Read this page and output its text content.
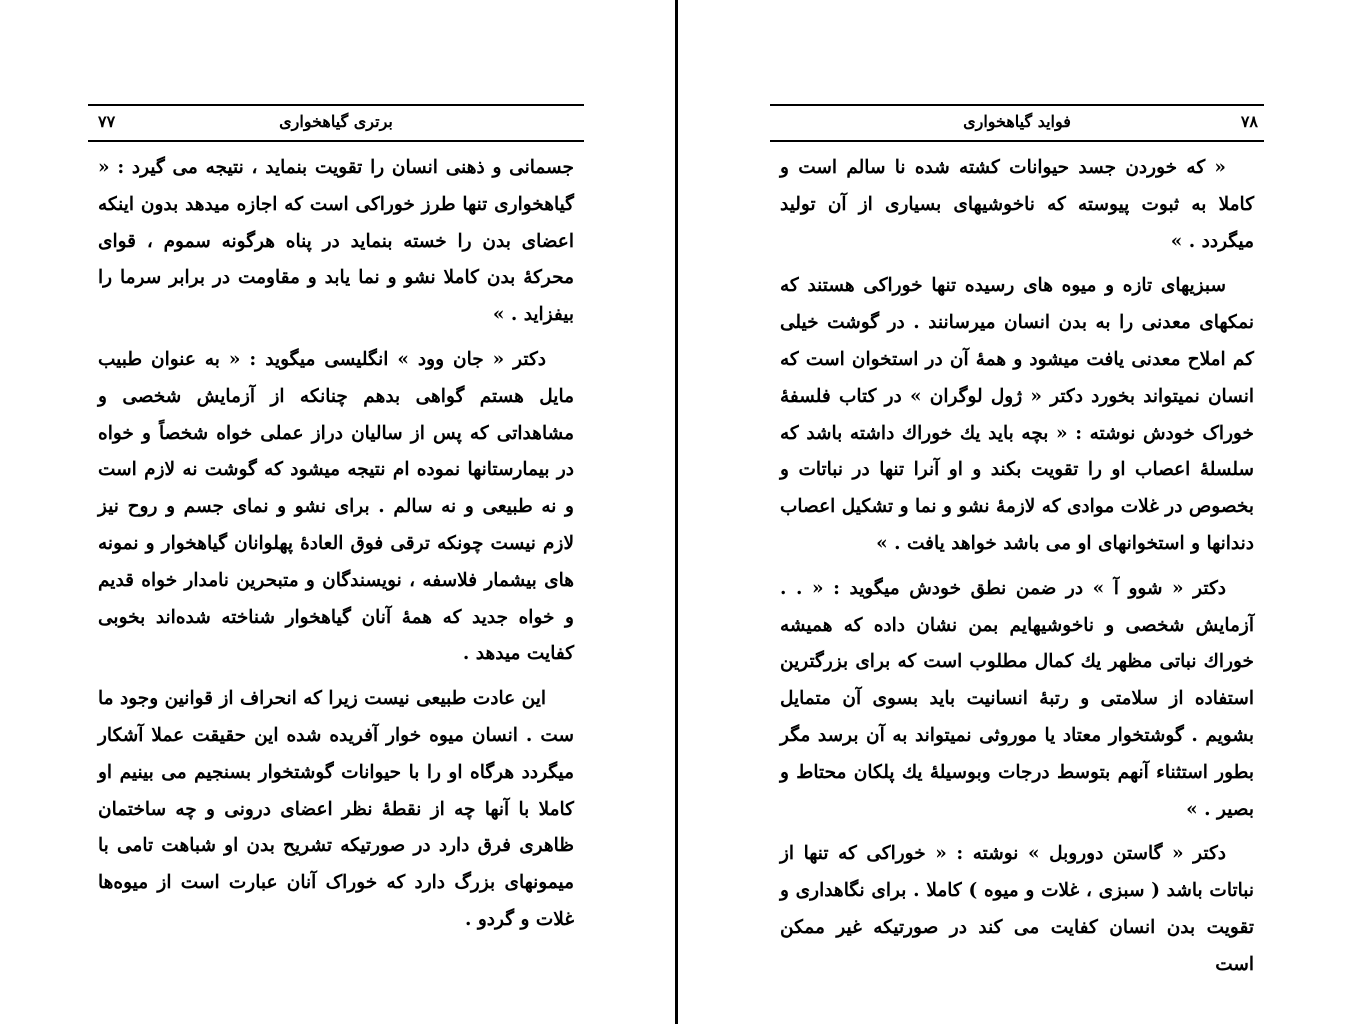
برتری گیاهخواری
۷۷

جسمانی و ذهنی انسان را تقویت بنماید ، نتیجه می گیرد : « گیاهخواری تنها طرز خوراکی است که اجازه میدهد بدون اینکه اعضای بدن را خسته بنماید در پناه هرگونه سموم ، قوای محرکهٔ بدن کاملا نشو و نما یابد و مقاومت در برابر سرما را بیفزاید . »

دکتر « جان وود » انگلیسی میگوید : « به عنوان طبیب مایل هستم گواهی بدهم چنانکه از آزمایش شخصی و مشاهداتی که پس از سالیان دراز عملی خواه شخصاً و خواه در بیمارستانها نموده ام نتیجه میشود که گوشت نه لازم است و نه طبیعی و نه سالم . برای نشو و نمای جسم و روح نیز لازم نیست چونکه ترقی فوق العادهٔ پهلوانان گیاهخوار و نمونه های بیشمار فلاسفه ، نویسندگان و متبحرین نامدار خواه قدیم و خواه جدید که همهٔ آنان گیاهخوار شناخته شده‌اند بخوبی کفایت میدهد .

این عادت طبیعی نیست زیرا که انحراف از قوانین وجود ما ست . انسان میوه خوار آفریده شده این حقیقت عملا آشکار میگردد هرگاه او را با حیوانات گوشتخوار بسنجیم می بینیم او کاملا با آنها چه از نقطهٔ نظر اعضای درونی و چه ساختمان ظاهری فرق دارد در صورتیکه تشریح بدن او شباهت تامی با میمونهای بزرگ دارد که خوراک آنان عبارت است از میوه‌ها غلات و گردو .

فواید گیاهخواری	۷۸

« که خوردن جسد حیوانات کشته شده نا سالم است و کاملا به ثبوت پیوسته که ناخوشیهای بسیاری از آن تولید میگردد . »

سبزیهای تازه و میوه های رسیده تنها خوراکی هستند که نمکهای معدنی را به بدن انسان میرسانند . در گوشت خیلی کم املاح معدنی یافت میشود و همهٔ آن در استخوان است که انسان نمیتواند بخورد دکتر « ژول لوگران » در کتاب فلسفهٔ خوراک خودش نوشته : « بچه باید یك خوراك داشته باشد که سلسلهٔ اعصاب او را تقویت بکند و او آنرا تنها در نباتات و بخصوص در غلات موادی که لازمهٔ نشو و نما و تشکیل اعصاب دندانها و استخوانهای او می باشد خواهد یافت . »

دکتر « شوو آ » در ضمن نطق خودش میگوید : « . . آزمایش شخصی و ناخوشیهایم بمن نشان داده که همیشه خوراك نباتی مظهر یك کمال مطلوب است که برای بزرگترین استفاده از سلامتی و رتبهٔ انسانیت باید بسوی آن متمایل بشویم . گوشتخوار معتاد یا موروثی نمیتواند به آن برسد مگر بطور استثناء آنهم بتوسط درجات وبوسیلهٔ یك پلکان محتاط و بصیر . »

دکتر « گاستن دوروبل » نوشته : « خوراکی که تنها از نباتات باشد ( سبزی ، غلات و میوه ) کاملا . برای نگاهداری و تقویت بدن انسان کفایت می کند در صورتیکه غیر ممکن است
